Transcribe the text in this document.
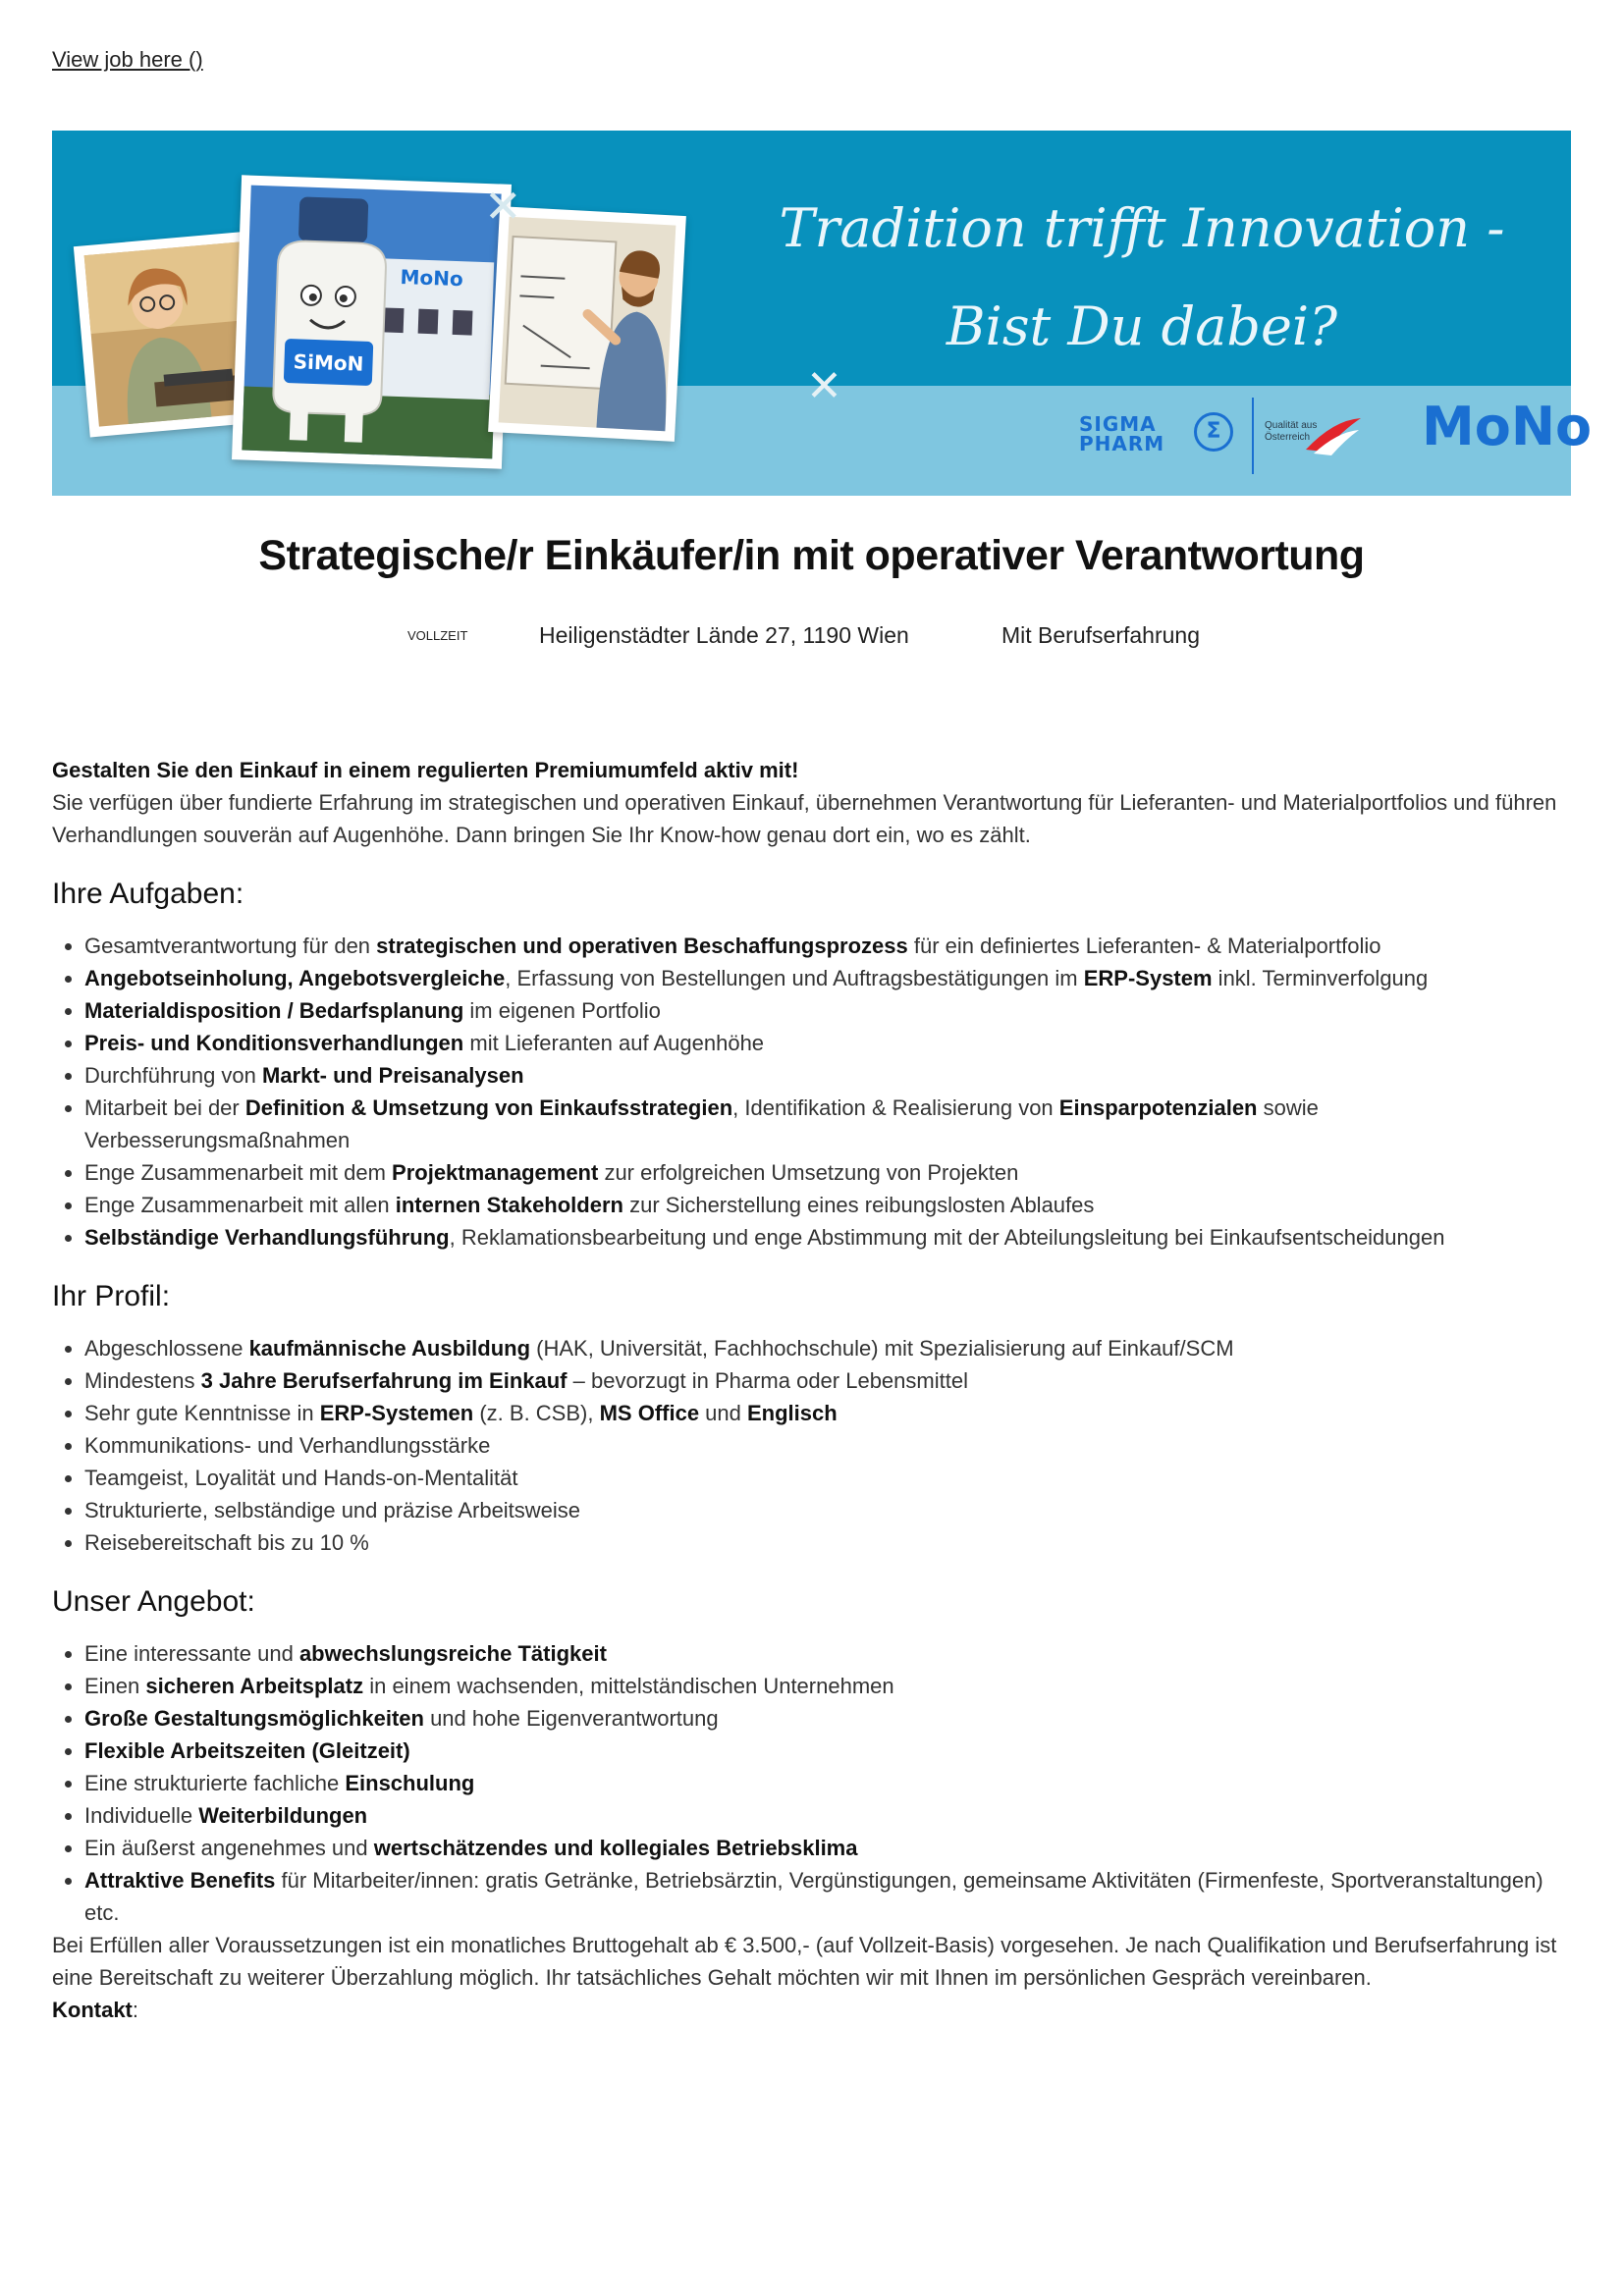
View job here ()
MoNo
SiMoN
✕
✕
Tradition trifft Innovation -
Bist Du dabei?
SIGMA
PHARM	Σ	Qualität aus
Österreich MoNo
Strategische/r Einkäufer/in mit operativer Verantwortung
VOLLZEIT	Heiligenstädter Lände 27, 1190 Wien	Mit Berufserfahrung

Gestalten Sie den Einkauf in einem regulierten Premiumumfeld aktiv mit!

Sie verfügen über fundierte Erfahrung im strategischen und operativen Einkauf, übernehmen Verantwortung für Lieferanten- und Materialportfolios und führen Verhandlungen souverän auf Augenhöhe. Dann bringen Sie Ihr Know-how genau dort ein, wo es zählt.

Ihre Aufgaben:
• Gesamtverantwortung für den strategischen und operativen Beschaffungsprozess für ein definiertes Lieferanten- & Materialportfolio
• Angebotseinholung, Angebotsvergleiche, Erfassung von Bestellungen und Auftragsbestätigungen im ERP-System inkl. Terminverfolgung
• Materialdisposition / Bedarfsplanung im eigenen Portfolio
• Preis- und Konditionsverhandlungen mit Lieferanten auf Augenhöhe
• Durchführung von Markt- und Preisanalysen
• Mitarbeit bei der Definition & Umsetzung von Einkaufsstrategien, Identifikation & Realisierung von Einsparpotenzialen sowie Verbesserungsmaßnahmen
• Enge Zusammenarbeit mit dem Projektmanagement zur erfolgreichen Umsetzung von Projekten
• Enge Zusammenarbeit mit allen internen Stakeholdern zur Sicherstellung eines reibungslosten Ablaufes
• Selbständige Verhandlungsführung, Reklamationsbearbeitung und enge Abstimmung mit der Abteilungsleitung bei Einkaufsentscheidungen
Ihr Profil:
• Abgeschlossene kaufmännische Ausbildung (HAK, Universität, Fachhochschule) mit Spezialisierung auf Einkauf/SCM
• Mindestens 3 Jahre Berufserfahrung im Einkauf – bevorzugt in Pharma oder Lebensmittel
• Sehr gute Kenntnisse in ERP-Systemen (z. B. CSB), MS Office und Englisch
• Kommunikations- und Verhandlungsstärke
• Teamgeist, Loyalität und Hands-on-Mentalität
• Strukturierte, selbständige und präzise Arbeitsweise
• Reisebereitschaft bis zu 10 %
Unser Angebot:
• Eine interessante und abwechslungsreiche Tätigkeit
• Einen sicheren Arbeitsplatz in einem wachsenden, mittelständischen Unternehmen
• Große Gestaltungsmöglichkeiten und hohe Eigenverantwortung
• Flexible Arbeitszeiten (Gleitzeit)
• Eine strukturierte fachliche Einschulung
• Individuelle Weiterbildungen
• Ein äußerst angenehmes und wertschätzendes und kollegiales Betriebsklima
• Attraktive Benefits für Mitarbeiter/innen: gratis Getränke, Betriebsärztin, Vergünstigungen, gemeinsame Aktivitäten (Firmenfeste, Sportveranstaltungen) etc.

Bei Erfüllen aller Voraussetzungen ist ein monatliches Bruttogehalt ab € 3.500,- (auf Vollzeit-Basis) vorgesehen. Je nach Qualifikation und Berufserfahrung ist eine Bereitschaft zu weiterer Überzahlung möglich. Ihr tatsächliches Gehalt möchten wir mit Ihnen im persönlichen Gespräch vereinbaren.

Kontakt:
